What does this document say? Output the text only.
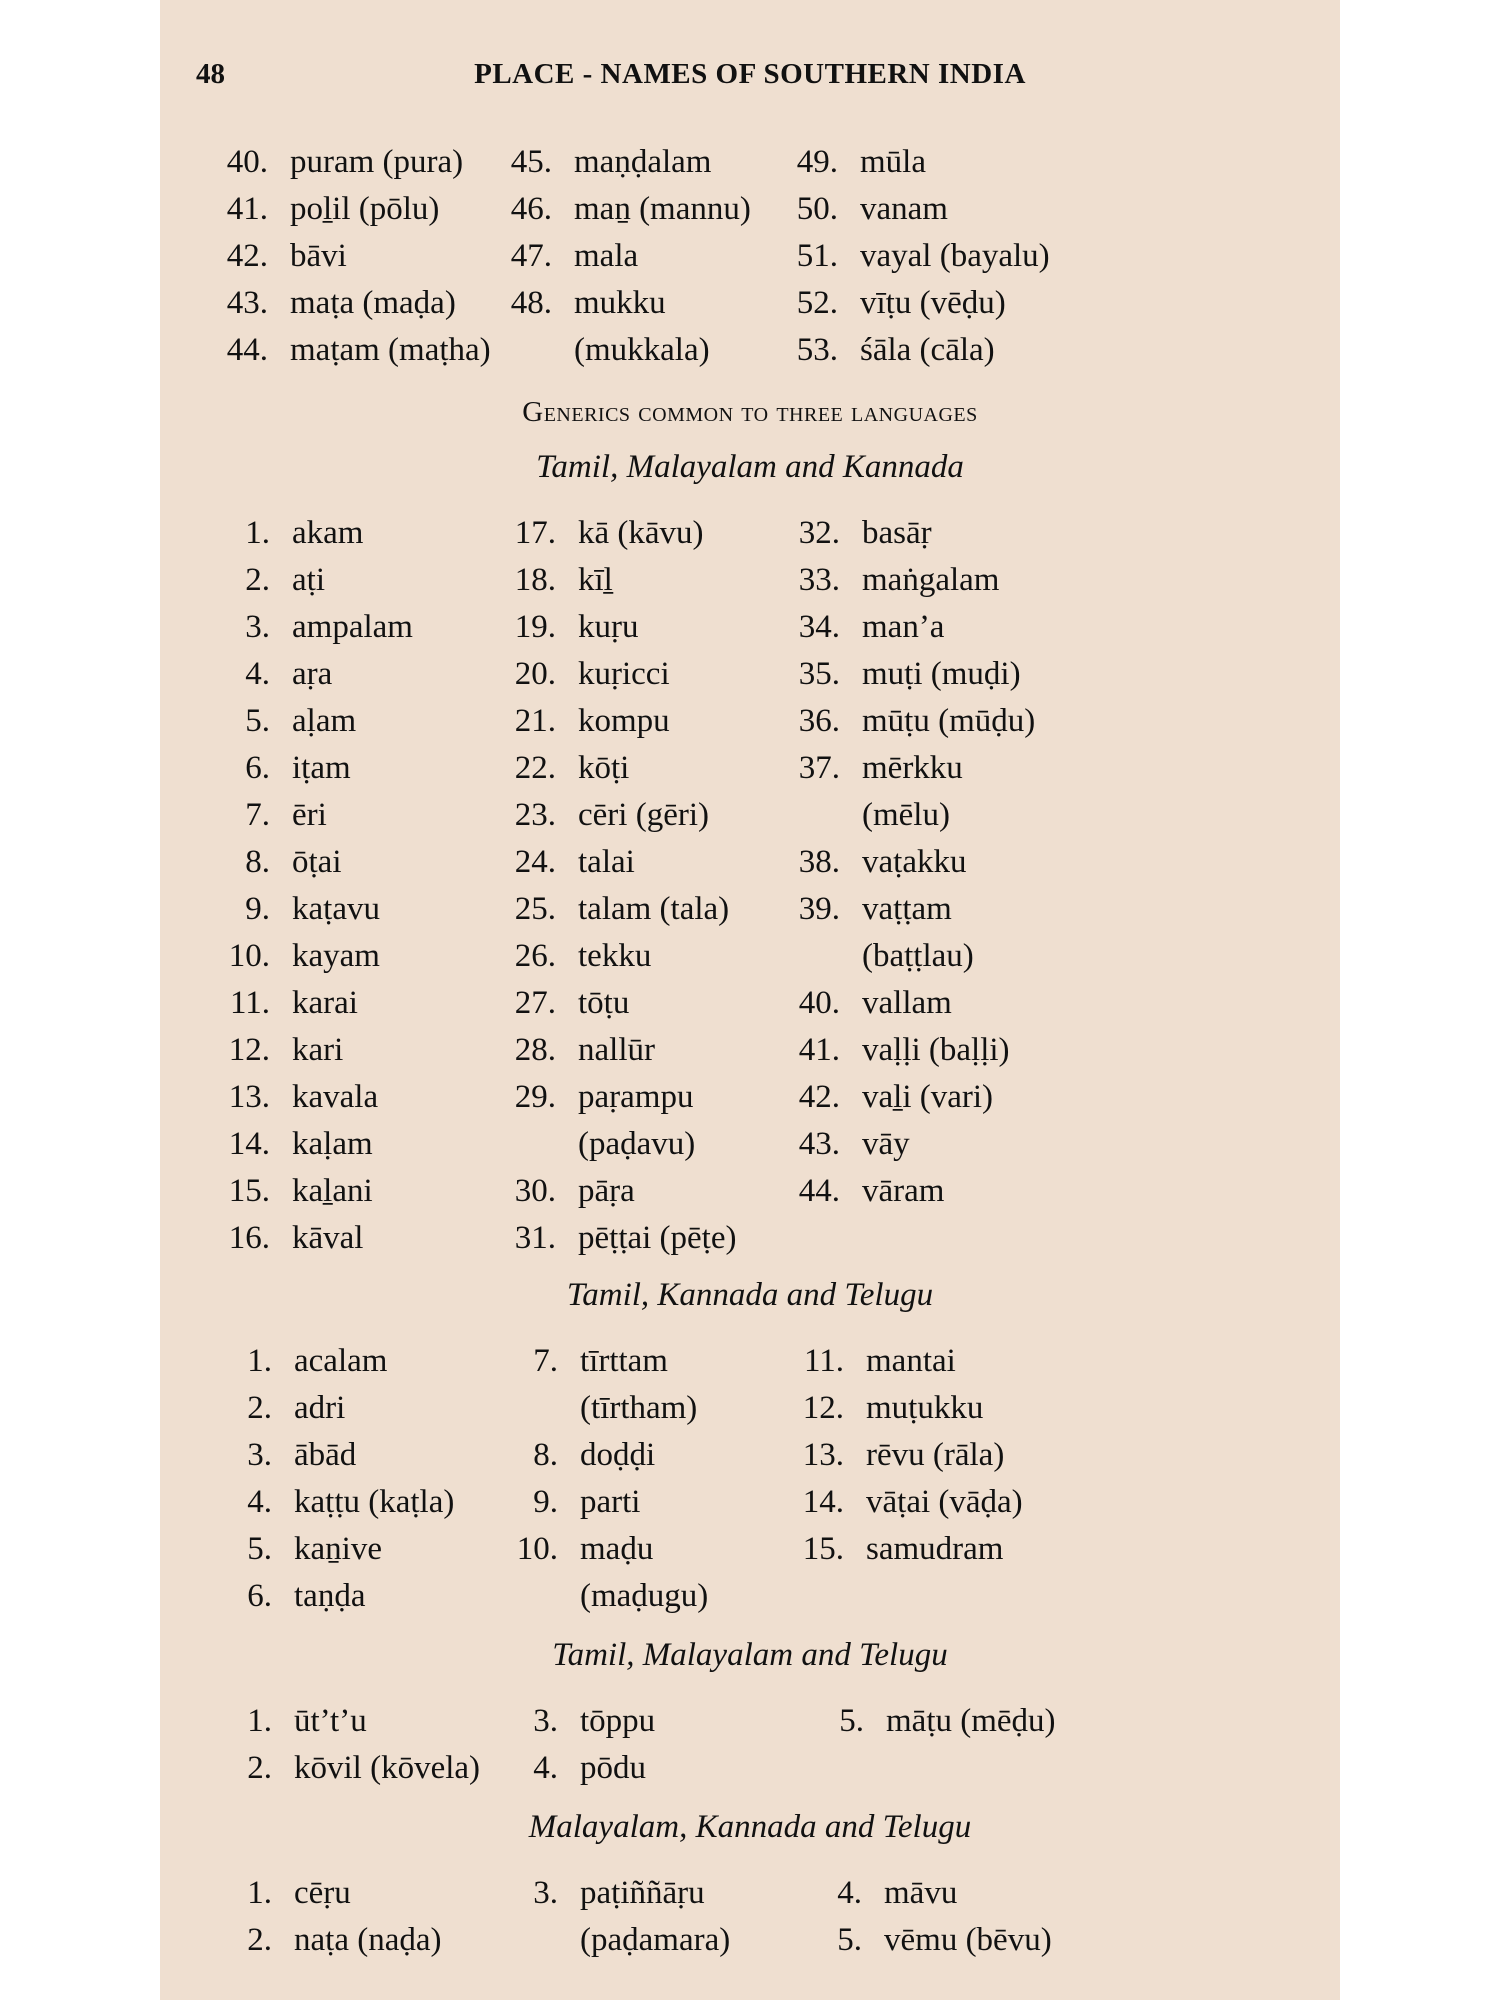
48	PLACE - NAMES OF SOUTHERN INDIA
40. puram (pura)
41. poḻil (pōlu)
42. bāvi
43. maṭa (maḍa)
44. maṭam (maṭha)
45. maṇḍalam
46. maṉ (mannu)
47. mala
48. mukku
(mukkala)
49. mūla
50. vanam
51. vayal (bayalu)
52. vīṭu (vēḍu)
53. śāla (cāla)
Generics common to three languages
Tamil, Malayalam and Kannada
1. akam
2. aṭi
3. ampalam
4. aṛa
5. aḷam
6. iṭam
7. ēri
8. ōṭai
9. kaṭavu
10. kayam
11. karai
12. kari
13. kavala
14. kaḷam
15. kaḻani
16. kāval
17. kā (kāvu)
18. kīḻ
19. kuṛu
20. kuṛicci
21. kompu
22. kōṭi
23. cēri (gēri)
24. talai
25. talam (tala)
26. tekku
27. tōṭu
28. nallūr
29. paṛampu
(paḍavu)
30. pāṛa
31. pēṭṭai (pēṭe)
32. basāṛ
33. maṅgalam
34. man’a
35. muṭi (muḍi)
36. mūṭu (mūḍu)
37. mērkku
(mēlu)
38. vaṭakku
39. vaṭṭam
(baṭṭlau)
40. vallam
41. vaḷḷi (baḷḷi)
42. vaḻi (vari)
43. vāy
44. vāram
Tamil, Kannada and Telugu
1. acalam
2. adri
3. ābād
4. kaṭṭu (kaṭla)
5. kaṉive
6. taṇḍa
7. tīrttam
(tīrtham)
8. doḍḍi
9. parti
10. maḍu
(maḍugu)
11. mantai
12. muṭukku
13. rēvu (rāla)
14. vāṭai (vāḍa)
15. samudram
Tamil, Malayalam and Telugu
1. ūt’t’u
2. kōvil (kōvela)
3. tōppu
4. pōdu
5. māṭu (mēḍu)
Malayalam, Kannada and Telugu
1. cēṛu
2. naṭa (naḍa)
3. paṭiññāṛu
(paḍamara)
4. māvu
5. vēmu (bēvu)
